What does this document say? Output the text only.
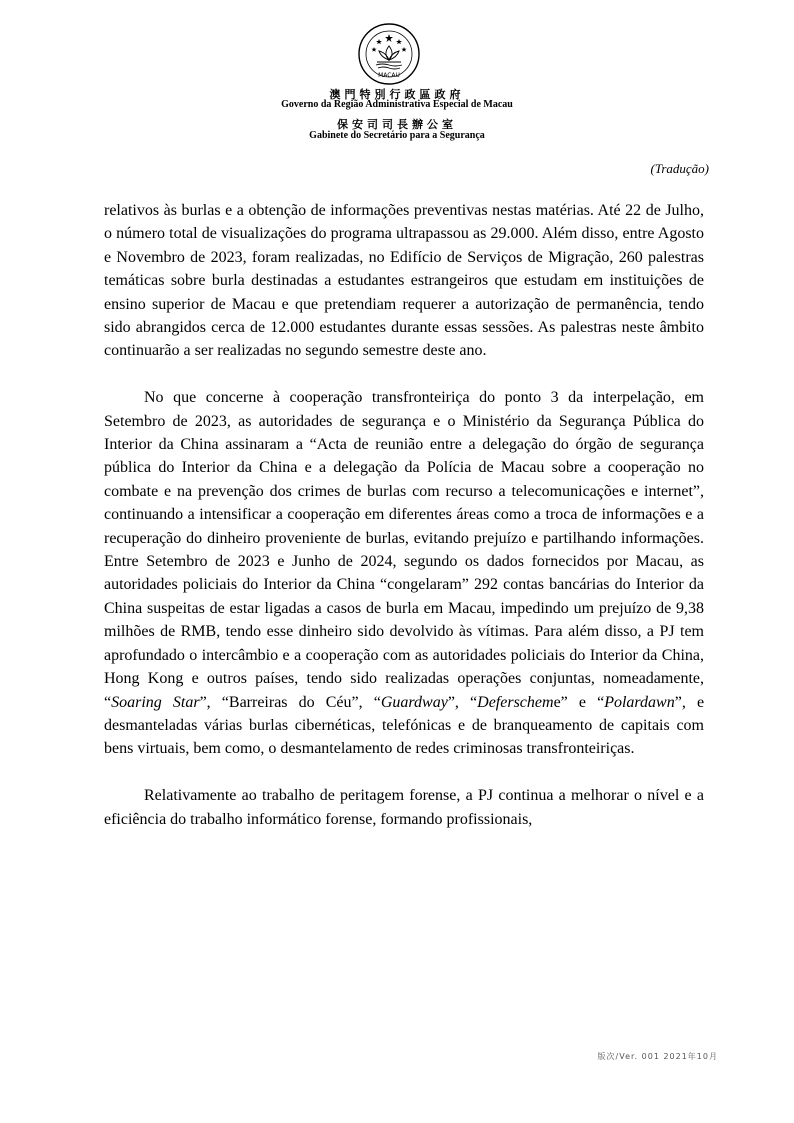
MACAU
澳門特別行政區政府
Governo da Região Administrativa Especial de Macau
保安司司長辦公室
Gabinete do Secretário para a Segurança
(Tradução)

relativos às burlas e a obtenção de informações preventivas nestas matérias. Até 22 de Julho, o número total de visualizações do programa ultrapassou as 29.000. Além disso, entre Agosto e Novembro de 2023, foram realizadas, no Edifício de Serviços de Migração, 260 palestras temáticas sobre burla destinadas a estudantes estrangeiros que estudam em instituições de ensino superior de Macau e que pretendiam requerer a autorização de permanência, tendo sido abrangidos cerca de 12.000 estudantes durante essas sessões. As palestras neste âmbito continuarão a ser realizadas no segundo semestre deste ano.

No que concerne à cooperação transfronteiriça do ponto 3 da interpelação, em Setembro de 2023, as autoridades de segurança e o Ministério da Segurança Pública do Interior da China assinaram a “Acta de reunião entre a delegação do órgão de segurança pública do Interior da China e a delegação da Polícia de Macau sobre a cooperação no combate e na prevenção dos crimes de burlas com recurso a telecomunicações e internet”, continuando a intensificar a cooperação em diferentes áreas como a troca de informações e a recuperação do dinheiro proveniente de burlas, evitando prejuízo e partilhando informações. Entre Setembro de 2023 e Junho de 2024, segundo os dados fornecidos por Macau, as autoridades policiais do Interior da China “congelaram” 292 contas bancárias do Interior da China suspeitas de estar ligadas a casos de burla em Macau, impedindo um prejuízo de 9,38 milhões de RMB, tendo esse dinheiro sido devolvido às vítimas. Para além disso, a PJ tem aprofundado o intercâmbio e a cooperação com as autoridades policiais do Interior da China, Hong Kong e outros países, tendo sido realizadas operações conjuntas, nomeadamente, “Soaring Star”, “Barreiras do Céu”, “Guardway”, “Deferscheme” e “Polardawn”, e desmanteladas várias burlas cibernéticas, telefónicas e de branqueamento de capitais com bens virtuais, bem como, o desmantelamento de redes criminosas transfronteiriças.

Relativamente ao trabalho de peritagem forense, a PJ continua a melhorar o nível e a eficiência do trabalho informático forense, formando profissionais,

版次/Ver. 001 2021年10月
